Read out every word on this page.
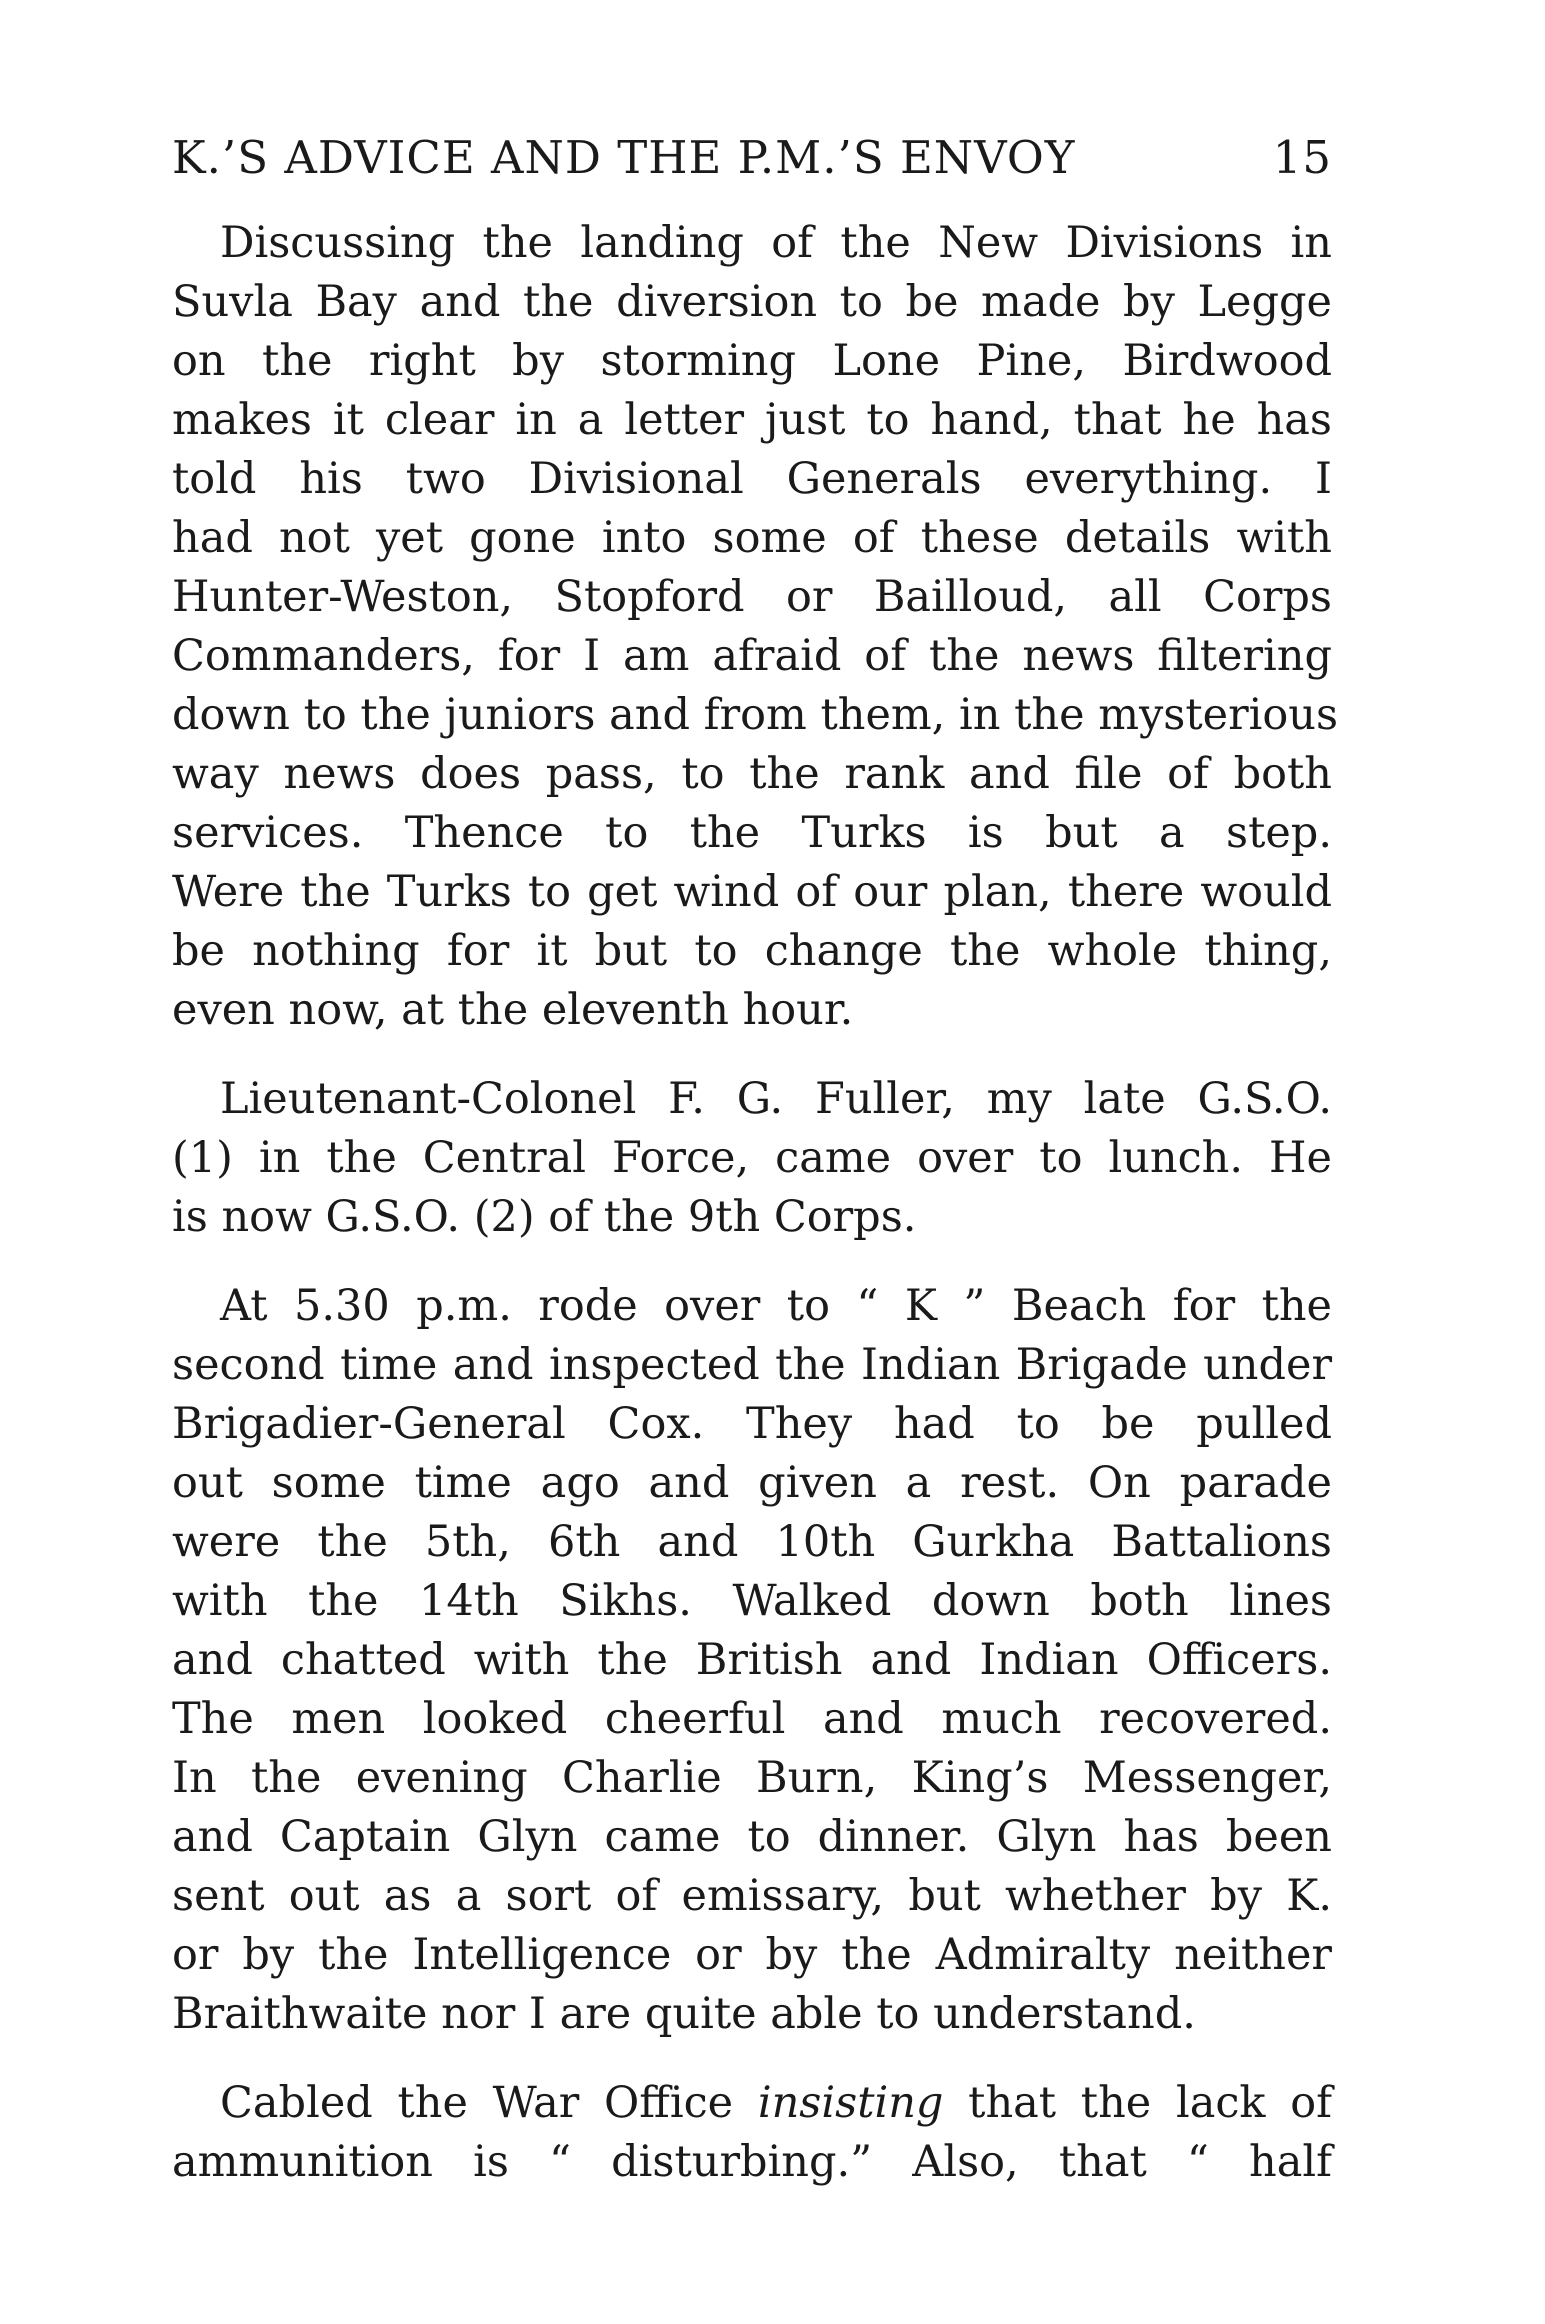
K.’S ADVICE AND THE P.M.’S ENVOY	15

Discussing the landing of the New Divisions in
Suvla Bay and the diversion to be made by Legge
on the right by storming Lone Pine, Birdwood
makes it clear in a letter just to hand, that he has
told his two Divisional Generals everything. I
had not yet gone into some of these details with
Hunter-Weston, Stopford or Bailloud, all Corps
Commanders, for I am afraid of the news filtering
down to the juniors and from them, in the mysterious
way news does pass, to the rank and file of both
services. Thence to the Turks is but a step.
Were the Turks to get wind of our plan, there would
be nothing for it but to change the whole thing,
even now, at the eleventh hour.

Lieutenant-Colonel F. G. Fuller, my late G.S.O.
(1) in the Central Force, came over to lunch. He
is now G.S.O. (2) of the 9th Corps.

At 5.30 p.m. rode over to “ K ” Beach for the
second time and inspected the Indian Brigade under
Brigadier-General Cox. They had to be pulled
out some time ago and given a rest. On parade
were the 5th, 6th and 10th Gurkha Battalions
with the 14th Sikhs. Walked down both lines
and chatted with the British and Indian Officers.
The men looked cheerful and much recovered.
In the evening Charlie Burn, King’s Messenger,
and Captain Glyn came to dinner. Glyn has been
sent out as a sort of emissary, but whether by K.
or by the Intelligence or by the Admiralty neither
Braithwaite nor I are quite able to understand.

Cabled the War Office insisting that the lack of
ammunition is “ disturbing.” Also, that “ half
